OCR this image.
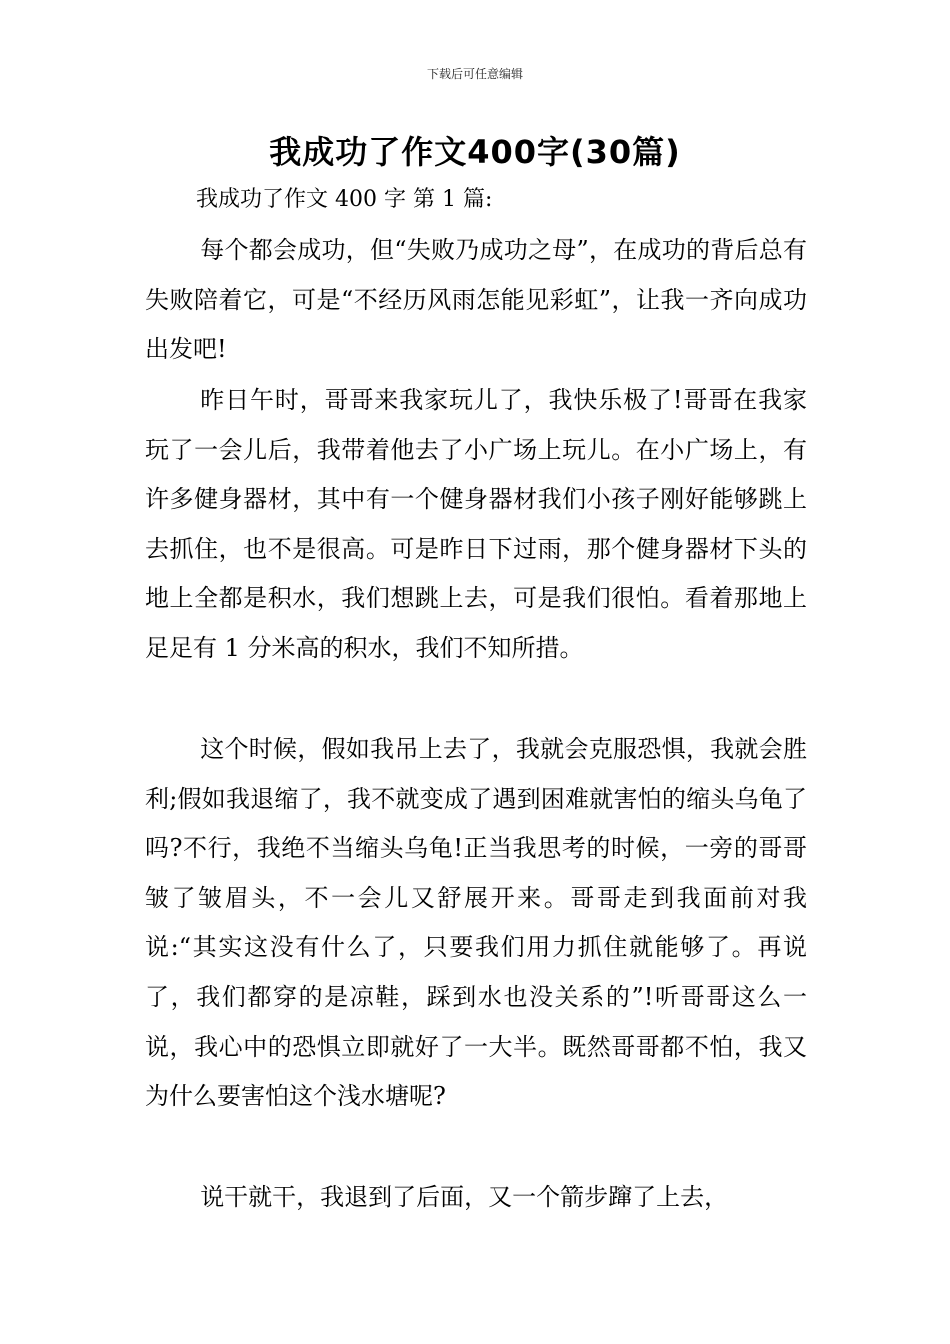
下载后可任意编辑
我成功了作文400字(30篇)
我成功了作文 400 字 第 1 篇:

每个都会成功，但“失败乃成功之母”，在成功的背后总有失败陪着它，可是“不经历风雨怎能见彩虹”，让我一齐向成功出发吧!

昨日午时，哥哥来我家玩儿了，我快乐极了!哥哥在我家玩了一会儿后，我带着他去了小广场上玩儿。在小广场上，有许多健身器材，其中有一个健身器材我们小孩子刚好能够跳上去抓住，也不是很高。可是昨日下过雨，那个健身器材下头的地上全都是积水，我们想跳上去，可是我们很怕。看着那地上足足有 1 分米高的积水，我们不知所措。

这个时候，假如我吊上去了，我就会克服恐惧，我就会胜利;假如我退缩了，我不就变成了遇到困难就害怕的缩头乌龟了吗?不行，我绝不当缩头乌龟!正当我思考的时候，一旁的哥哥皱了皱眉头，不一会儿又舒展开来。哥哥走到我面前对我说:“其实这没有什么了，只要我们用力抓住就能够了。再说了，我们都穿的是凉鞋，踩到水也没关系的”!听哥哥这么一说，我心中的恐惧立即就好了一大半。既然哥哥都不怕，我又为什么要害怕这个浅水塘呢?

说干就干，我退到了后面，又一个箭步蹿了上去，
